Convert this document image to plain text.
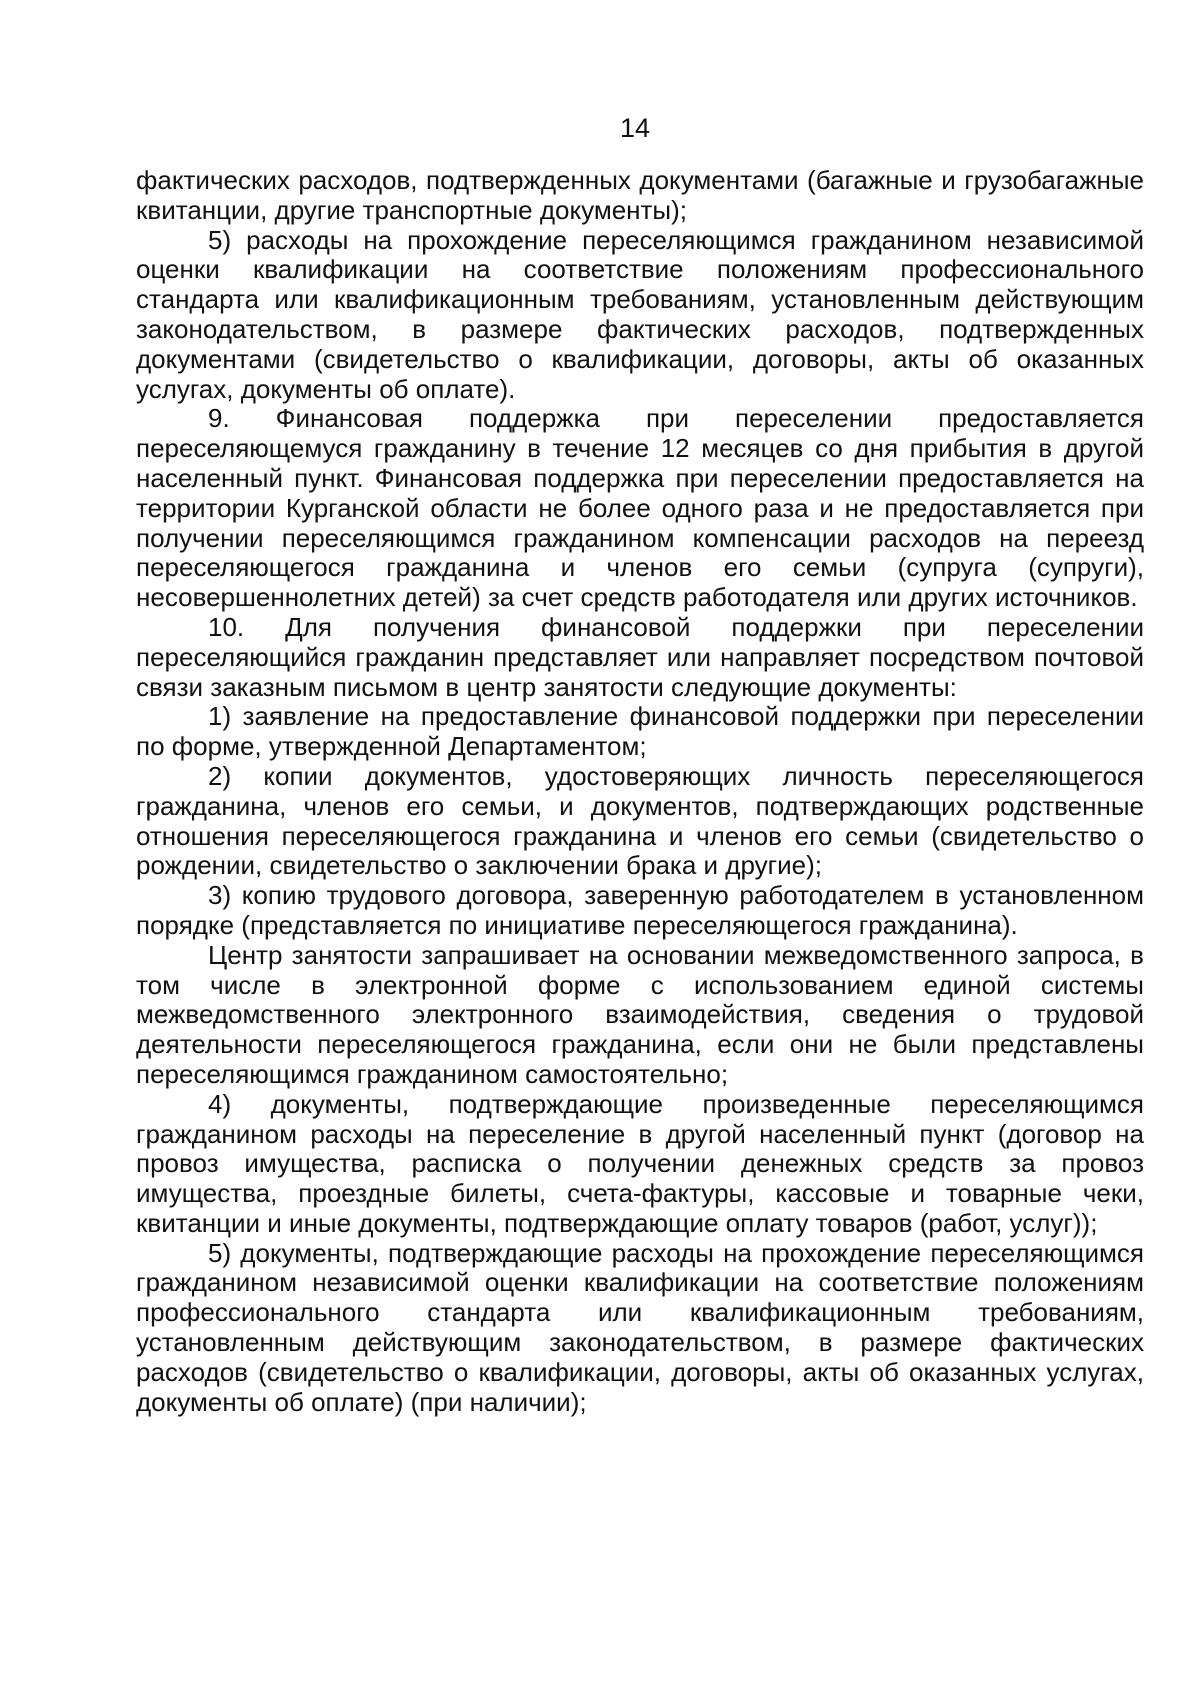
14

фактических расходов, подтвержденных документами (багажные и грузобагажные квитанции, другие транспортные документы);

5) расходы на прохождение переселяющимся гражданином независимой оценки квалификации на соответствие положениям профессионального стандарта или квалификационным требованиям, установленным действующим законодательством, в размере фактических расходов, подтвержденных документами (свидетельство о квалификации, договоры, акты об оказанных услугах, документы об оплате).

9. Финансовая поддержка при переселении предоставляется переселяющемуся гражданину в течение 12 месяцев со дня прибытия в другой населенный пункт. Финансовая поддержка при переселении предоставляется на территории Курганской области не более одного раза и не предоставляется при получении переселяющимся гражданином компенсации расходов на переезд переселяющегося гражданина и членов его семьи (супруга (супруги), несовершеннолетних детей) за счет средств работодателя или других источников.

10. Для получения финансовой поддержки при переселении переселяющийся гражданин представляет или направляет посредством почтовой связи заказным письмом в центр занятости следующие документы:

1) заявление на предоставление финансовой поддержки при переселении по форме, утвержденной Департаментом;

2) копии документов, удостоверяющих личность переселяющегося гражданина, членов его семьи, и документов, подтверждающих родственные отношения переселяющегося гражданина и членов его семьи (свидетельство о рождении, свидетельство о заключении брака и другие);

3) копию трудового договора, заверенную работодателем в установленном порядке (представляется по инициативе переселяющегося гражданина).

Центр занятости запрашивает на основании межведомственного запроса, в том числе в электронной форме с использованием единой системы межведомственного электронного взаимодействия, сведения о трудовой деятельности переселяющегося гражданина, если они не были представлены переселяющимся гражданином самостоятельно;

4) документы, подтверждающие произведенные переселяющимся гражданином расходы на переселение в другой населенный пункт (договор на провоз имущества, расписка о получении денежных средств за провоз имущества, проездные билеты, счета-фактуры, кассовые и товарные чеки, квитанции и иные документы, подтверждающие оплату товаров (работ, услуг));

5) документы, подтверждающие расходы на прохождение переселяющимся гражданином независимой оценки квалификации на соответствие положениям профессионального стандарта или квалификационным требованиям, установленным действующим законодательством, в размере фактических расходов (свидетельство о квалификации, договоры, акты об оказанных услугах, документы об оплате) (при наличии);
